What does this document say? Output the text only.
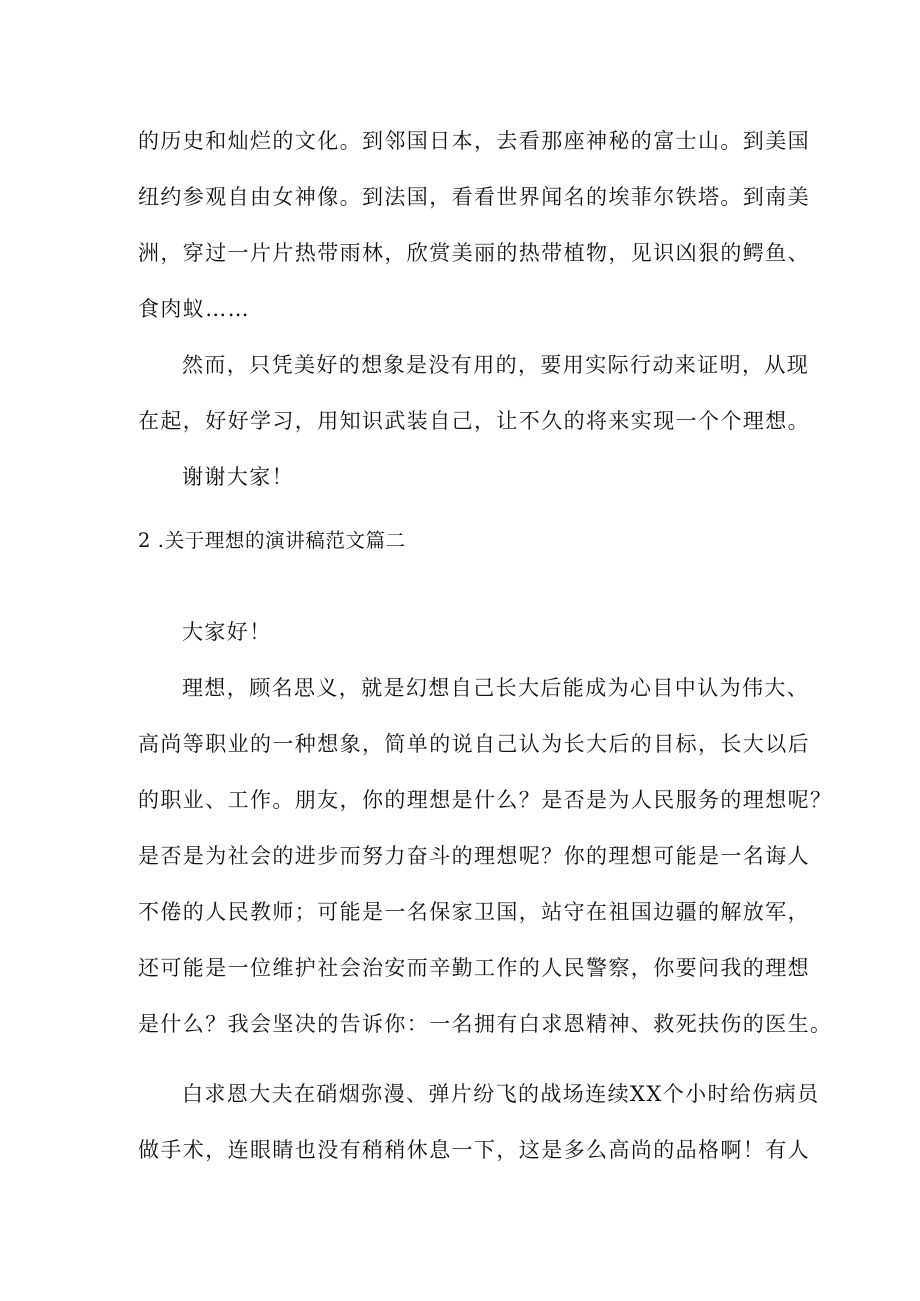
的历史和灿烂的文化。到邻国日本，去看那座神秘的富士山。到美国
纽约参观自由女神像。到法国，看看世界闻名的埃菲尔铁塔。到南美
洲，穿过一片片热带雨林，欣赏美丽的热带植物，见识凶狠的鳄鱼、
食肉蚁……
然而，只凭美好的想象是没有用的，要用实际行动来证明，从现
在起，好好学习，用知识武装自己，让不久的将来实现一个个理想。
谢谢大家！
2 .关于理想的演讲稿范文篇二
大家好！
理想，顾名思义，就是幻想自己长大后能成为心目中认为伟大、
高尚等职业的一种想象，简单的说自己认为长大后的目标，长大以后
的职业、工作。朋友，你的理想是什么？是否是为人民服务的理想呢？
是否是为社会的进步而努力奋斗的理想呢？你的理想可能是一名诲人
不倦的人民教师；可能是一名保家卫国，站守在祖国边疆的解放军，
还可能是一位维护社会治安而辛勤工作的人民警察，你要问我的理想
是什么？我会坚决的告诉你：一名拥有白求恩精神、救死扶伤的医生。
白求恩大夫在硝烟弥漫、弹片纷飞的战场连续XX个小时给伤病员
做手术，连眼睛也没有稍稍休息一下，这是多么高尚的品格啊！有人
